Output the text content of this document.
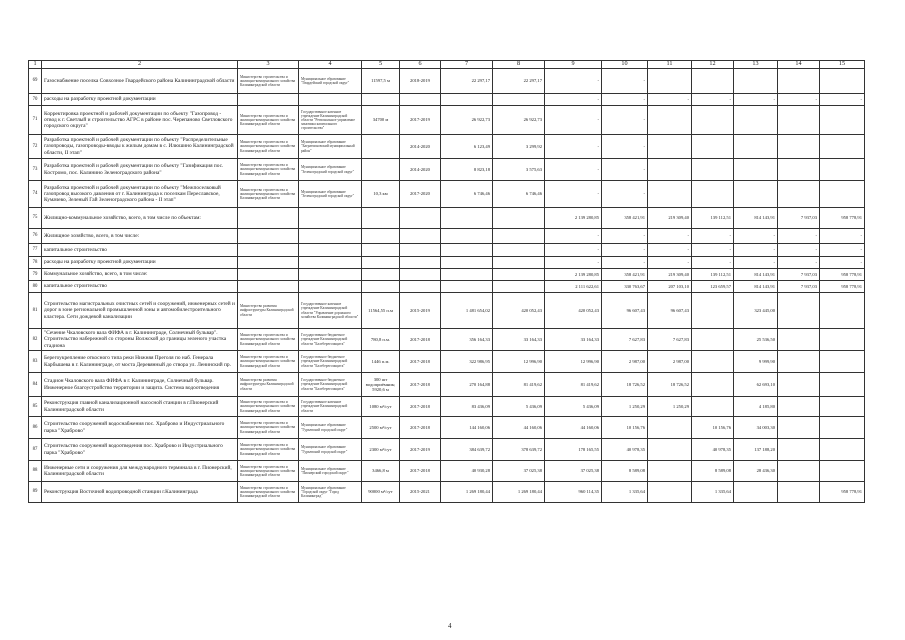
1	2	3	4	5	6	7	8	9	10	11	12	13	14	15
69	Газоснабжение поселка Совхозное Гвардейского района Калининградской области	Министерство строительства и жилищно-коммунального хозяйства Калининградской области	Муниципальное образование "Гвардейский городской округ"	11597,5 м	2018-2019	22 297,17	22 297,17	-	-					
70	расходы на разработку проектной документации							-	-	-	-	-	-	-
71	Корректировка проектной и рабочей документации по объекту "Газопровод - отвод к г. Светлый и строительство АГРС в районе пос. Черепаново Светловского городского округа"	Министерство строительства и жилищно-коммунального хозяйства Калининградской области	Государственное казенное учреждение Калининградской области "Региональное управление заказчика капитального строительства"	34700 м	2017-2019	26 922,73	26 922,73	-	-					
72	Разработка проектной и рабочей документации по объекту "Распределительные газопроводы, газопроводы-вводы к жилым домам в с. Илюшино Калининградской области, II этап"	Министерство строительства и жилищно-коммунального хозяйства Калининградской области	Муниципальное образование "Багратионовский муниципальный район"		2014-2020	6 123,49	3 299,92	-	-					
73	Разработка проектной и рабочей документации по объекту "Газификация пос. Костромо, пос. Калинино Зеленоградского района"	Министерство строительства и жилищно-коммунального хозяйства Калининградской области	Муниципальное образование "Зеленоградский городской округ"		2014-2020	8 823,18	3 575,63	-	-					
74	Разработка проектной и рабочей документации по объекту "Межпоселковый газопровод высокого давления от г. Калининграда к поселкам Переславское, Кумачево, Зеленый Гай Зеленоградского района - II этап"	Министерство строительства и жилищно-коммунального хозяйства Калининградской области	Муниципальное образование "Зеленоградский городской округ"	10,3 км	2017-2020	6 746,46	6 746,46	-	-					
75	Жилищно-коммунальное хозяйство, всего, в том числе по объектам:							2 139 280,85	358 421,91	219 309,40	139 112,51	814 143,91	7 937,03	958 778,91
76	Жилищное хозяйство, всего, в том числе:							-	-	-	-	-	-	-
77	капитальное строительство							-	-	-	-	-	-	-
78	расходы на разработку проектной документации							-	-	-	-	-	-	-
79	Коммунальное хозяйство, всего, в том числе:							2 139 280,85	358 421,91	219 309,40	139 112,51	814 143,91	7 937,03	958 778,91
80	капитальное строительство							2 111 622,61	330 763,67	207 103,10	123 659,57	814 143,91	7 937,03	958 778,91
81	Строительство магистральных очистных сетей и сооружений, инженерных сетей и дорог в зоне региональной промышленной зоны и автомобилестроительного кластера. Сети дождевой канализации	Министерство развития инфраструктуры Калининградской области	Государственное казенное учреждение Калининградской области "Управление дорожного хозяйства Калининградской области"	11564,55 п.м	2015-2019	1 481 654,02	420 052,43	420 052,43	96 607,43	96 607,43		323 445,00		
82	"Сечение Чкаловского вала ФИФА в г. Калининграде, Солнечный бульвар". Строительство набережной со стороны Волжской до границы зеленого участка стадиона	Министерство строительства и жилищно-коммунального хозяйства Калининградской области	Государственное бюджетное учреждение Калининградской области "Балтберегозащита"	780,8 п.м.	2017-2018	356 164,33	33 164,33	33 164,33	7 627,83	7 627,83		25 536,50		
83	Берегоукрепление откосного типа реки Нижняя Преголя по наб. Генерала Карбышева в г. Калининграде, от моста Деревянный до створа ул. Ленинский пр.	Министерство строительства и жилищно-коммунального хозяйства Калининградской области	Государственное бюджетное учреждение Калининградской области "Балтберегозащита"	1446 п.м.	2017-2018	322 986,95	12 996,90	12 996,90	2 987,00	2 987,00		9 999,90		
84	Стадион Чкаловского вала ФИФА в г. Калининграде, Солнечный бульвар. Инженерное благоустройство территории и защита. Система водоотведения	Министерство развития инфраструктуры Калининградской области	Государственное бюджетное учреждение Калининградской области "Балтберегозащита"	300 шт водоприёмник; 5920,6 м	2017-2018	270 164,88	81 419,62	81 419,62	18 726,52	18 726,52		62 693,10		
85	Реконструкция главной канализационной насосной станции в г.Пионерский Калининградской области	Министерство строительства и жилищно-коммунального хозяйства Калининградской области	Государственное казенное учреждение Калининградской области	1080 м³/сут	2017-2018	83 436,09	5 436,09	5 436,09	1 250,29	1 250,29		4 185,80		
86	Строительство сооружений водоснабжения пос. Храброво и Индустриального парка "Храброво"	Министерство строительства и жилищно-коммунального хозяйства Калининградской области	Муниципальное образование "Гурьевский городской округ"	2500 м³/сут	2017-2018	144 160,06	44 160,06	44 160,06	10 156,76		10 156,76	34 003,30		
87	Строительство сооружений водоотведения пос. Храброво и Индустриального парка "Храброво"	Министерство строительства и жилищно-коммунального хозяйства Калининградской области	Муниципальное образование "Гурьевский городской округ"	2300 м³/сут	2017-2019	384 639,72	378 639,72	178 165,55	40 978,35		40 978,35	137 188,20		
88	Инженерные сети и сооружения для международного терминала в г. Пионерский, Калининградской области	Министерство строительства и жилищно-коммунального хозяйства Калининградской области	Муниципальное образование "Пионерский городской округ"	3466,8 м	2017-2018	40 930,28	37 025,38	37 025,38	8 589,08		8 589,08	28 436,30		
89	Реконструкция Восточной водопроводной станции г.Калининграда	Министерство строительства и жилищно-коммунального хозяйства Калининградской области	Муниципальное образование "Городской округ "Город Калининград"	90000 м³/сут	2015-2021	1 269 180,44	1 269 180,44	960 114,35	1 335,64		1 335,64			958 778,91
4
